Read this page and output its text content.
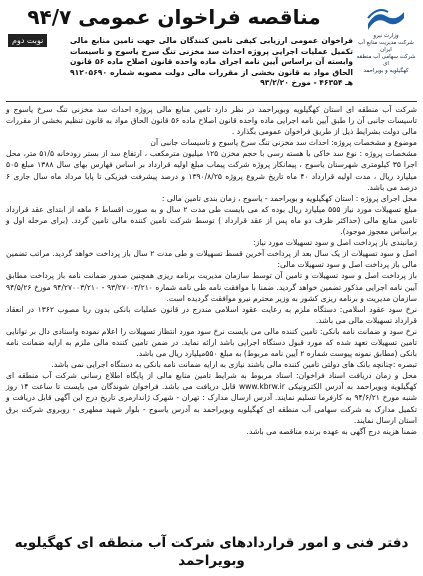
مناقصه فراخوان عمومی ۹۴/۷
وزارت نیرو
شرکت مدیریت منابع آب ایران
شرکت سهامی آب منطقه ای
کهگیلویه و بویراحمد
نوبت دوم	فراخوان عمومی ارزیابی کیفی تامین کنندگان مالی جهت تامین منابع مالی تکمیل عملیات اجرایی پروژه احداث سد مخزنی تنگ سرخ یاسوج و تاسیسات وابسته آن براساس آیین نامه اجرای ماده واحده قانون اصلاح ماده ۵۶ قانون الحاق مواد به قانون بخشی از مقررات مالی دولت مصوبه شماره ۹۱۲۰۵۶۹۰ هـ ۴۶۳۵۴ - مورخ ۹۳/۲/۲۰

شرکت آب منطقه ای استان کهگیلویه وبویراحمد در نظر دارد تامین منابع مالی پروژه احداث سد مخزنی تنگ سرخ یاسوج و تاسیسات جانبی آن را طبق آیین نامه اجرایی ماده واحده قانون اصلاح ماده ۵۶ قانون الحاق مواد به قانون تنظیم بخشی از مقررات مالی دولت بشرایط ذیل از طریق فراخوان عمومی بگذارد .

موضوع و مشخصات پروژه: احداث سد مخزنی تنگ سرخ یاسوج و تاسیسات جانبی آن

مشخصات پروژه : نوع سد خاکی با هسته رسی با حجم مخزن ۱۲۵ میلیون مترمکعب ، ارتفاع سد از بستر رودخانه ۵۱/۵ متر، محل اجرا ۳۵ کیلومتری شهرستان یاسوج ، پیمانکار پروژه شرکت پیماب مبلغ اولیه قرارداد بر اساس فهارس بهای سال ۱۳۸۸ مبلغ ۵۰۵ میلیارد ریال ، مدت اولیه قرارداد ۴۰ ماه تاریخ شروع پروژه ۱۳۹۰/۸/۲۵ و درصد پیشرفت فیزیکی تا پایا مرداد ماه سال جاری ۶ درصد می باشد.

محل اجرای پروژه : استان کهگیلویه و بویراحمد - یاسوج ، زمان بندی تامین مالی :

مبلغ تسهیلات مورد نیاز ۵۵۵ میلیارد ریال بوده که می بایست طی مدت ۲ سال و به صورت اقساط ۶ ماهه از ابتدای عقد قرارداد تامین منابع مالی (حداکثر ظرف دو ماه پس از عقد قرارداد ) توسط شرکت تامین کننده مالی تامین گردد. (برای مرحله اول و براساس معجوز موجود).

زمانبندی باز پرداخت اصل و سود تسهیلات مورد نیاز:

اصل و سود تسهیلات از یک سال بعد از پرداخت آخرین قسط تسهیلات و طی مدت ۲ سال باز پرداخت خواهد گردید. مراتب تضمین مالی باز پرداخت اصل و سود تسهیلات مالی:

باز پرداخت اصل و سود تسهیلات و تامین آن توسط سازمان مدیریت برنامه ریزی همچنین صدور ضمانت نامه باز پرداخت مطابق آیین نامه اجرایی مذکور تضمین خواهد گردید. ضمنا با موافقت نامه طی نامه شماره ۹۳/۲۷۰۰۳/۲۱۰ - ۹۴/۲۷۰۰۳/۲۱۰ مورخ ۹۴/۵/۲۶ سازمان مدیریت و برنامه ریزی کشور به وزیر محترم نیرو موافقت گردیده است.

نرخ سود عقود اسلامی: دستگاه ملزم به رعایت عقود اسلامی مندرج در قانون عملیات بانکی بدون ربا مصوب ۱۳۶۲ در انعقاد قرارداد تسهیلات مالی می باشد.

نرخ سود و ضمانت نامه بانکی: تامین کننده مالی می بایست نرخ سود مورد انتظار تسهیلات را اعلام نموده واسنادی دال بر توانایی تامین تسهیلات تعهد شده که مورد قبول دستگاه اجرایی باشد ارائه نماید. در ضمن تامین کننده مالی ملزم به ارایه ضمانت نامه بانکی (مطابق نمونه پیوست شماره ۲ آیین نامه مربوط) به مبلغ ۵۵۰میلیارد ریال می باشد.

تبصره :چنانچه بانک های دولتی تامین کننده مالی باشند نیازی به ارایه ضمانت نامه بانکی به دستگاه اجرایی نمی باشد.

محل و زمان دریافت اسناد فراخوان: اسناد مربوط به شرایط تامین منابع مالی از پایگاه اطلاع رسانی شرکت آب منطقه ای کهگیلویه وبویراحمد به آدرس الکترونیکی www.kbrw.ir قابل دریافت می باشد. فراخوان شوندگان می بایست تا ساعت ۱۴ روز شنبه مورخ ۹۴/۶/۲۱ به کارفرما تسلیم نمایند. آدرس ارسال مدارک : تهران - شهرک ژاندارمری تاریخ درج این آگهی قابل دریافت و تکمیل مدارک به شرکت سهامی آب منطقه ای کهگیلویه وبویراحمد به آدرس یاسوج - بلوار شهید مطهری - روبروی شرکت برق استان ارسال نمایند.

ضمنا هزینه درج آگهی به عهده برنده مناقصه می باشد.

دفتر فنی و امور قراردادهای شرکت آب منطقه ای کهگیلویه وبویراحمد
